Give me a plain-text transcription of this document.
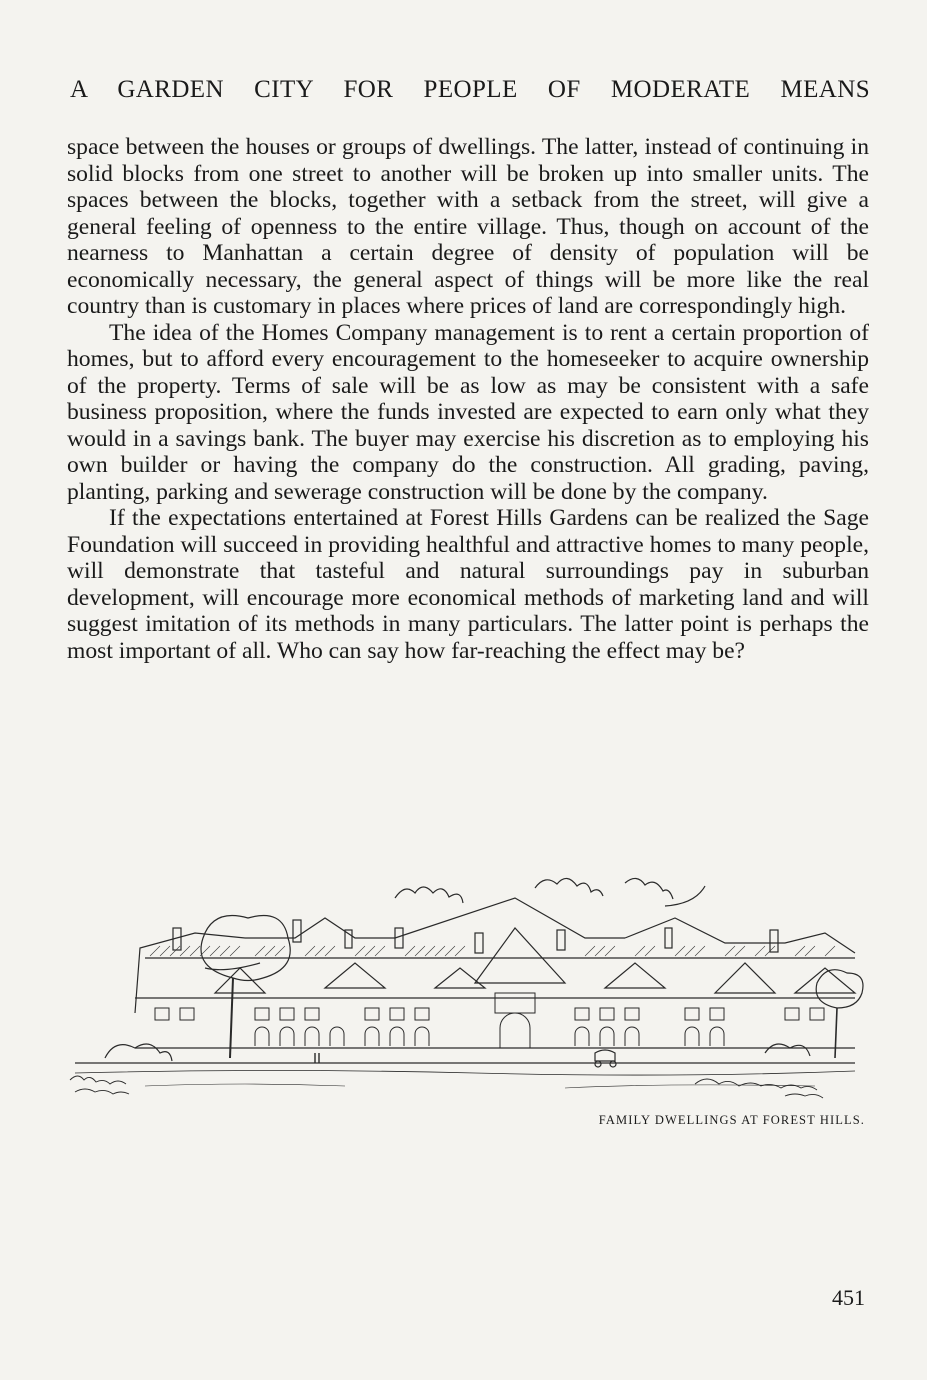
A GARDEN CITY FOR PEOPLE OF MODERATE MEANS

space between the houses or groups of dwellings. The latter, instead of continuing in solid blocks from one street to another will be broken up into smaller units. The spaces between the blocks, together with a setback from the street, will give a general feeling of openness to the entire village. Thus, though on account of the nearness to Manhattan a certain degree of density of population will be economically necessary, the general aspect of things will be more like the real country than is customary in places where prices of land are correspondingly high.

The idea of the Homes Company management is to rent a certain proportion of homes, but to afford every encouragement to the homeseeker to acquire ownership of the property. Terms of sale will be as low as may be consistent with a safe business proposition, where the funds invested are expected to earn only what they would in a savings bank. The buyer may exercise his discretion as to employing his own builder or having the company do the construction. All grading, paving, planting, parking and sewerage construction will be done by the company.

If the expectations entertained at Forest Hills Gardens can be realized the Sage Foundation will succeed in providing healthful and attractive homes to many people, will demonstrate that tasteful and natural surroundings pay in suburban development, will encourage more economical methods of marketing land and will suggest imitation of its methods in many particulars. The latter point is perhaps the most important of all. Who can say how far-reaching the effect may be?

FAMILY DWELLINGS AT FOREST HILLS.
451
